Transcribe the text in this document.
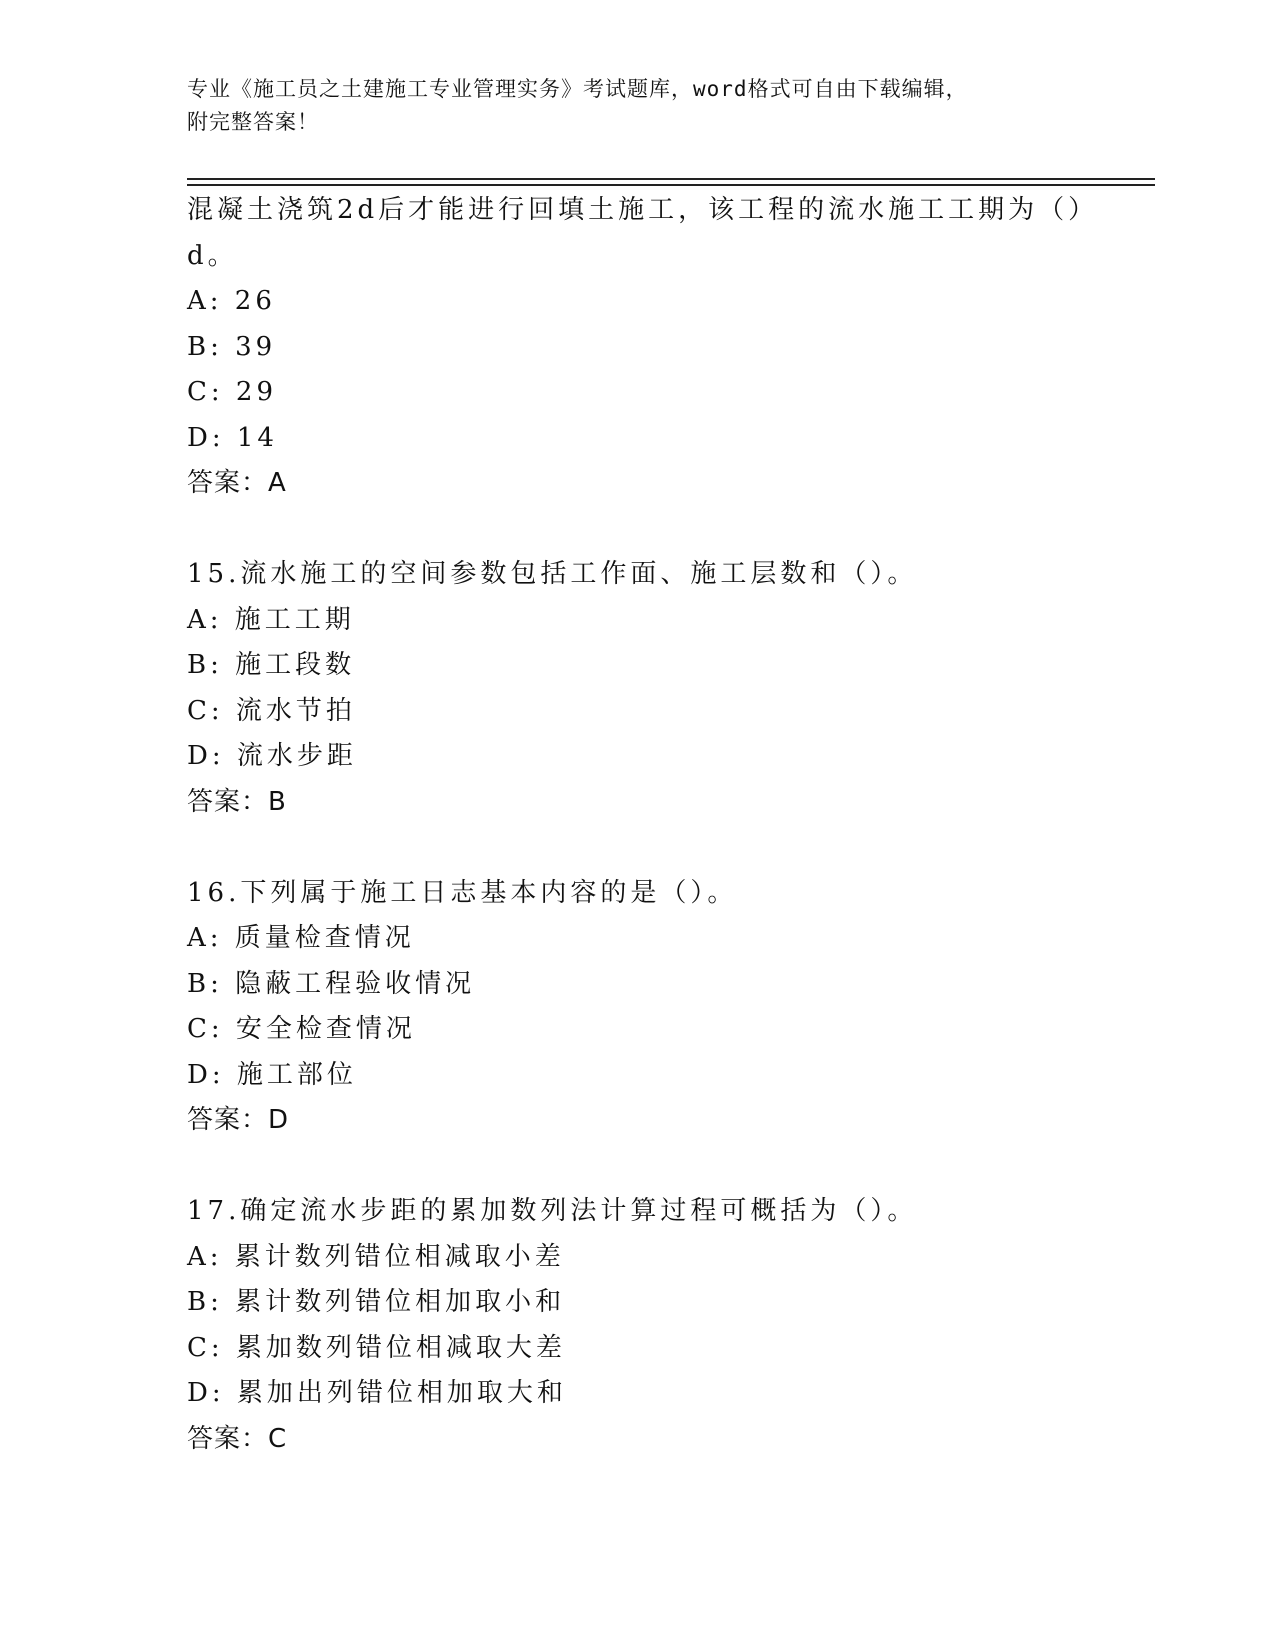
专业《施工员之土建施工专业管理实务》考试题库，word格式可自由下载编辑，
附完整答案！
混凝土浇筑2d后才能进行回填土施工，该工程的流水施工工期为（）
d。
A: 26
B: 39
C: 29
D: 14
答案：A
15.流水施工的空间参数包括工作面、施工层数和（）。
A: 施工工期
B: 施工段数
C: 流水节拍
D: 流水步距
答案：B
16.下列属于施工日志基本内容的是（）。
A: 质量检查情况
B: 隐蔽工程验收情况
C: 安全检查情况
D: 施工部位
答案：D
17.确定流水步距的累加数列法计算过程可概括为（）。
A: 累计数列错位相减取小差
B: 累计数列错位相加取小和
C: 累加数列错位相减取大差
D: 累加出列错位相加取大和
答案：C
